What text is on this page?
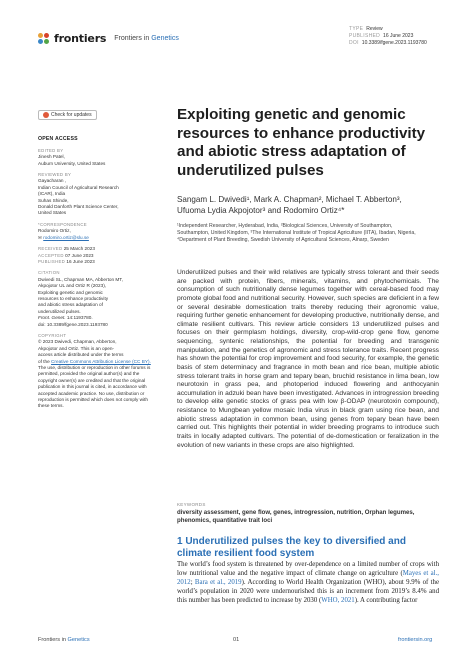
frontiers Frontiers in Genetics
TYPE Review
PUBLISHED 16 June 2023
DOI 10.3389/fgene.2023.1193780
Check for updates
OPEN ACCESS
EDITED BY
Jinesh Patel,
Auburn University, United States
REVIEWED BY
Gayacharan ,
Indian Council of Agricultural Research
(ICAR), India
Suhas Shinde,
Donald Danforth Plant Science Center,
United States
*CORRESPONDENCE
Rodomiro Ortiz,
✉ rodomiro.ortiz@slu.se
RECEIVED 25 March 2023
ACCEPTED 07 June 2023
PUBLISHED 16 June 2023
CITATION
Dwivedi SL, Chapman MA, Abberton MT,
Akpojotor UL and Ortiz R (2023),
Exploiting genetic and genomic
resources to enhance productivity
and abiotic stress adaptation of
underutilized pulses.
Front. Genet. 14:1193780.
doi: 10.3389/fgene.2023.1193780
COPYRIGHT
© 2023 Dwivedi, Chapman, Abberton,
Akpojotor and Ortiz. This is an open-
access article distributed under the terms
of the Creative Commons Attribution License (CC BY). The use, distribution or reproduction in other forums is permitted, provided the original author(s) and the copyright owner(s) are credited and that the original publication in this journal is cited, in accordance with accepted academic practice. No use, distribution or reproduction is permitted which does not comply with these terms.
Exploiting genetic and genomic resources to enhance productivity and abiotic stress adaptation of underutilized pulses
Sangam L. Dwivedi¹, Mark A. Chapman², Michael T. Abberton³,
Ufuoma Lydia Akpojotor³ and Rodomiro Ortiz⁴*
¹Independent Researcher, Hyderabad, India, ²Biological Sciences, University of Southampton,
Southampton, United Kingdom, ³The International Institute of Tropical Agriculture (IITA), Ibadan, Nigeria,
⁴Department of Plant Breeding, Swedish University of Agricultural Sciences, Alnarp, Sweden

Underutilized pulses and their wild relatives are typically stress tolerant and their seeds are packed with protein, fibers, minerals, vitamins, and phytochemicals. The consumption of such nutritionally dense legumes together with cereal-based food may promote global food and nutritional security. However, such species are deficient in a few or several desirable domestication traits thereby reducing their agronomic value, requiring further genetic enhancement for developing productive, nutritionally dense, and climate resilient cultivars. This review article considers 13 underutilized pulses and focuses on their germplasm holdings, diversity, crop-wild-crop gene flow, genome sequencing, syntenic relationships, the potential for breeding and transgenic manipulation, and the genetics of agronomic and stress tolerance traits. Recent progress has shown the potential for crop improvement and food security, for example, the genetic basis of stem determinacy and fragrance in moth bean and rice bean, multiple abiotic stress tolerant traits in horse gram and tepary bean, bruchid resistance in lima bean, low neurotoxin in grass pea, and photoperiod induced flowering and anthocyanin accumulation in adzuki bean have been investigated. Advances in introgression breeding to develop elite genetic stocks of grass pea with low β-ODAP (neurotoxin compound), resistance to Mungbean yellow mosaic India virus in black gram using rice bean, and abiotic stress adaptation in common bean, using genes from tepary bean have been carried out. This highlights their potential in wider breeding programs to introduce such traits in locally adapted cultivars. The potential of de-domestication or feralization in the evolution of new variants in these crops are also highlighted.

KEYWORDS
diversity assessment, gene flow, genes, introgression, nutrition, Orphan legumes, phenomics, quantitative trait loci
1 Underutilized pulses the key to diversified and climate resilient food system

The world’s food system is threatened by over-dependence on a limited number of crops with low nutritional value and the negative impact of climate change on agriculture (Mayes et al., 2012; Bara et al., 2019). According to World Health Organization (WHO), about 9.9% of the world’s population in 2020 were undernourished this is an increment from 2019’s 8.4% and this number has been predicted to increase by 2030 (WHO, 2021). A contributing factor

Frontiers in Genetics	01	frontiersin.org
